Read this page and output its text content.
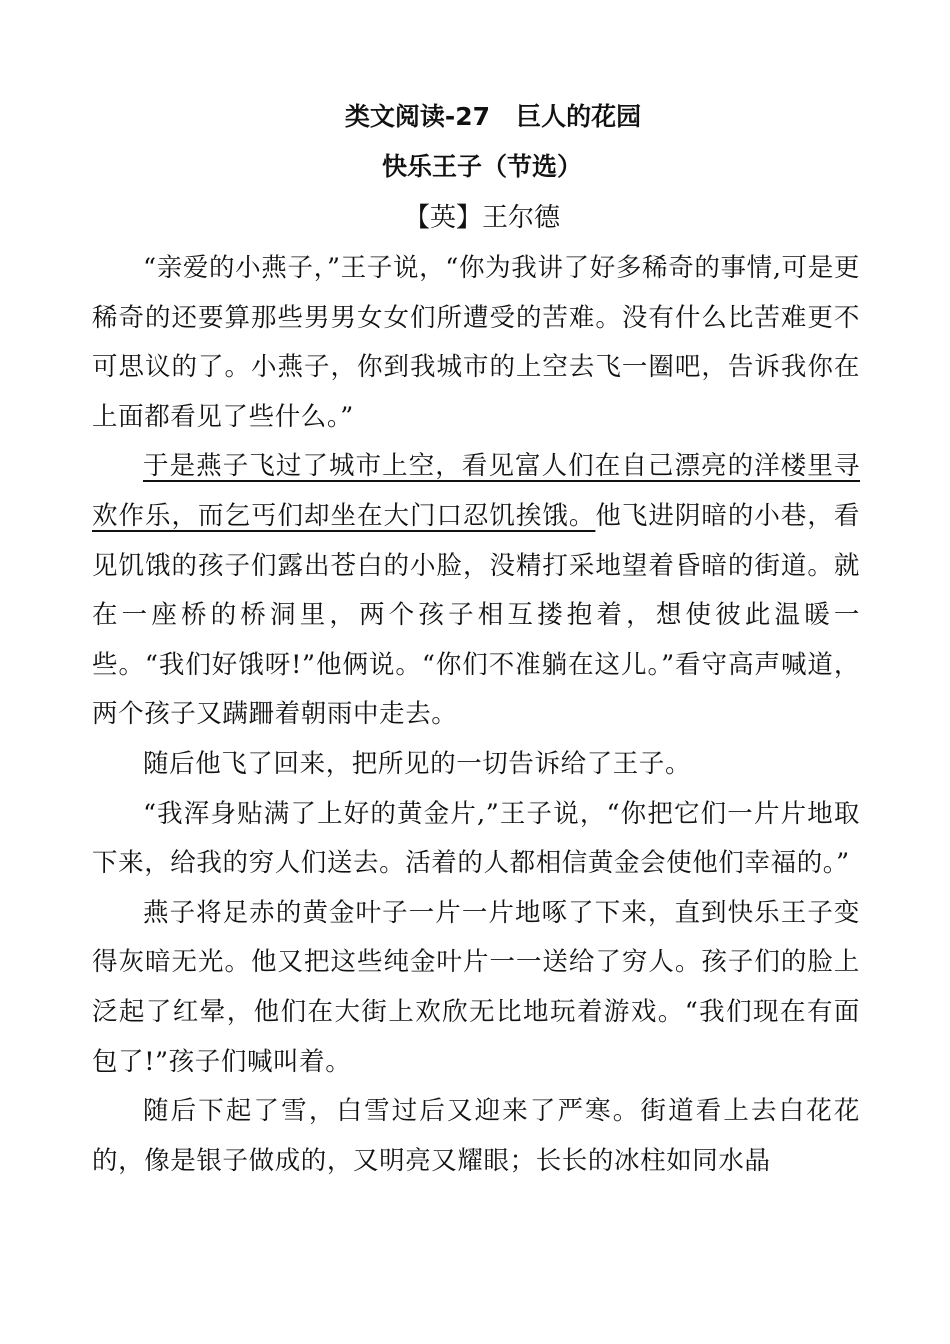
类文阅读-27 巨人的花园
快乐王子（节选）
【英】王尔德

“亲爱的小燕子，”王子说，“你为我讲了好多稀奇的事情,可是更稀奇的还要算那些男男女女们所遭受的苦难。没有什么比苦难更不可思议的了。小燕子，你到我城市的上空去飞一圈吧，告诉我你在上面都看见了些什么。”

于是燕子飞过了城市上空，看见富人们在自己漂亮的洋楼里寻欢作乐，而乞丐们却坐在大门口忍饥挨饿。他飞进阴暗的小巷，看见饥饿的孩子们露出苍白的小脸，没精打采地望着昏暗的街道。就在一座桥的桥洞里，两个孩子相互搂抱着，想使彼此温暖一些。“我们好饿呀!”他俩说。“你们不准躺在这儿。”看守高声喊道，两个孩子又蹒跚着朝雨中走去。

随后他飞了回来，把所见的一切告诉给了王子。

“我浑身贴满了上好的黄金片,”王子说，“你把它们一片片地取下来，给我的穷人们送去。活着的人都相信黄金会使他们幸福的。”

燕子将足赤的黄金叶子一片一片地啄了下来，直到快乐王子变得灰暗无光。他又把这些纯金叶片一一送给了穷人。孩子们的脸上泛起了红晕，他们在大街上欢欣无比地玩着游戏。“我们现在有面包了!”孩子们喊叫着。

随后下起了雪，白雪过后又迎来了严寒。街道看上去白花花的，像是银子做成的，又明亮又耀眼；长长的冰柱如同水晶
